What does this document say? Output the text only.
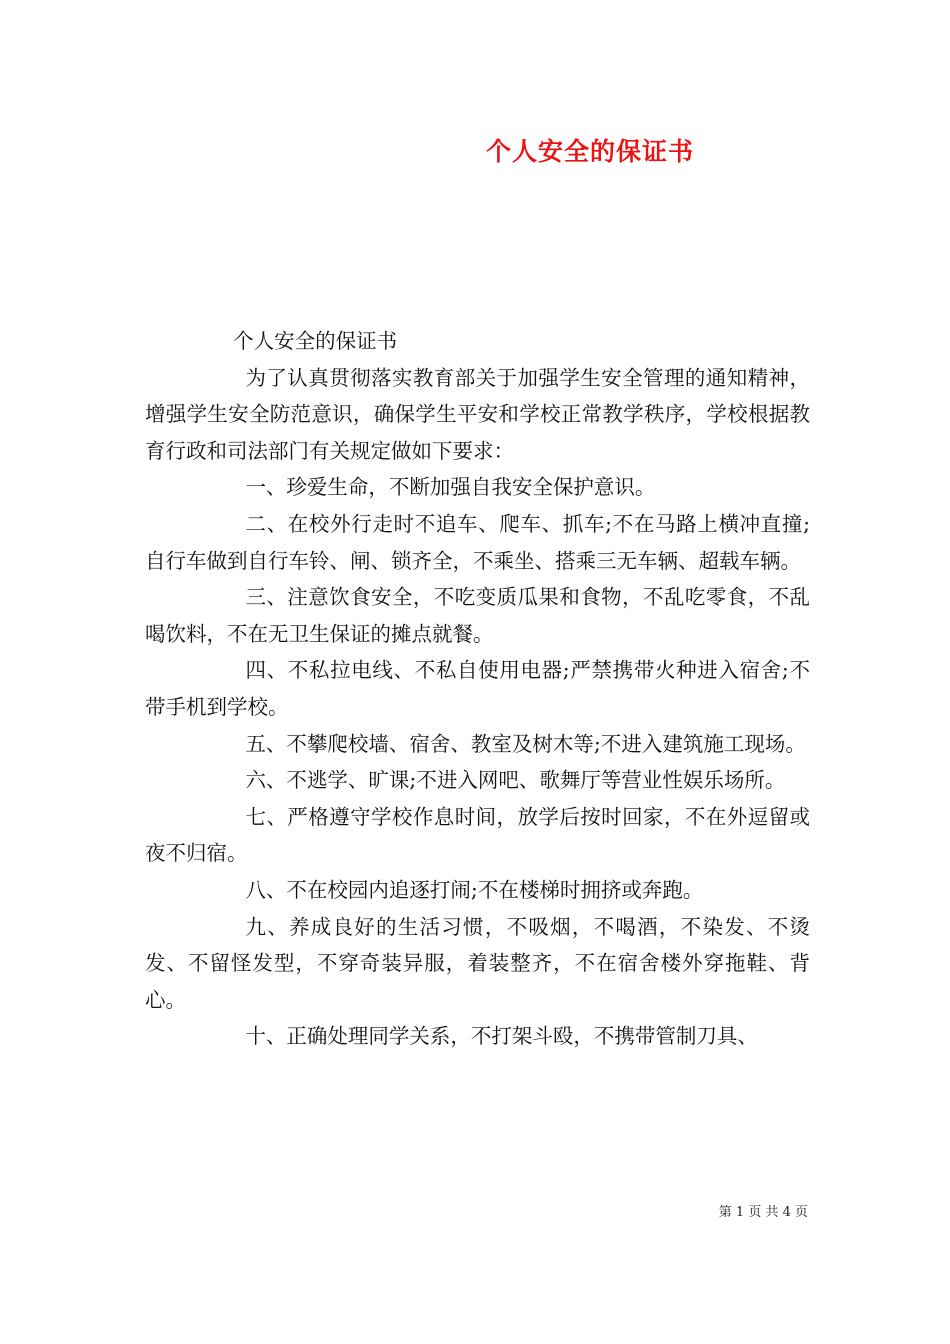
个人安全的保证书

个人安全的保证书

为了认真贯彻落实教育部关于加强学生安全管理的通知精神，增强学生安全防范意识，确保学生平安和学校正常教学秩序，学校根据教育行政和司法部门有关规定做如下要求：

一、珍爱生命，不断加强自我安全保护意识。

二、在校外行走时不追车、爬车、抓车;不在马路上横冲直撞;自行车做到自行车铃、闸、锁齐全，不乘坐、搭乘三无车辆、超载车辆。

三、注意饮食安全，不吃变质瓜果和食物，不乱吃零食，不乱喝饮料，不在无卫生保证的摊点就餐。

四、不私拉电线、不私自使用电器;严禁携带火种进入宿舍;不带手机到学校。

五、不攀爬校墙、宿舍、教室及树木等;不进入建筑施工现场。

六、不逃学、旷课;不进入网吧、歌舞厅等营业性娱乐场所。

七、严格遵守学校作息时间，放学后按时回家，不在外逗留或夜不归宿。

八、不在校园内追逐打闹;不在楼梯时拥挤或奔跑。

九、养成良好的生活习惯，不吸烟，不喝酒，不染发、不烫发、不留怪发型，不穿奇装异服，着装整齐，不在宿舍楼外穿拖鞋、背心。

十、正确处理同学关系，不打架斗殴，不携带管制刀具、

第 1 页 共 4 页
